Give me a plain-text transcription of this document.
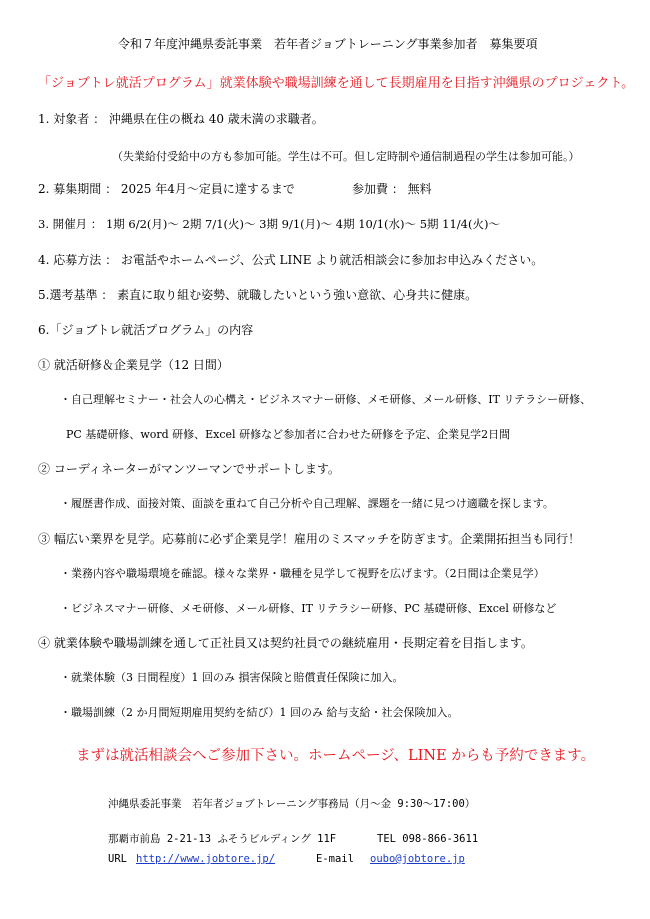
令和７年度沖縄県委託事業　若年者ジョブトレーニング事業参加者　募集要項
「ジョブトレ就活プログラム」就業体験や職場訓練を通して長期雇用を目指す沖縄県のプロジェクト。
1. 対象者 ： 沖縄県在住の概ね 40 歳未満の求職者。
（失業給付受給中の方も参加可能。学生は不可。但し定時制や通信制過程の学生は参加可能。）
2. 募集期間 ： 2025 年4月～定員に達するまで	参加費 ： 無料
3. 開催月 ： 1期 6/2(月)～ 2期 7/1(火)～ 3期 9/1(月)～ 4期 10/1(水)～ 5期 11/4(火)～
4. 応募方法 ： お電話やホームページ、公式 LINE より就活相談会に参加お申込みください。
5.選考基準 ： 素直に取り組む姿勢、就職したいという強い意欲、心身共に健康。
6.「ジョブトレ就活プログラム」の内容
① 就活研修＆企業見学（12 日間）
・自己理解セミナー・社会人の心構え・ビジネスマナー研修、メモ研修、メール研修、IT リテラシー研修、
PC 基礎研修、word 研修、Excel 研修など参加者に合わせた研修を予定、企業見学2日間
② コーディネーターがマンツーマンでサポートします。
・履歴書作成、面接対策、面談を重ねて自己分析や自己理解、課題を一緒に見つけ適職を探します。
③ 幅広い業界を見学。応募前に必ず企業見学！雇用のミスマッチを防ぎます。企業開拓担当も同行！
・業務内容や職場環境を確認。様々な業界・職種を見学して視野を広げます。（2日間は企業見学）
・ビジネスマナー研修、メモ研修、メール研修、IT リテラシー研修、PC 基礎研修、Excel 研修など
④ 就業体験や職場訓練を通して正社員又は契約社員での継続雇用・長期定着を目指します。
・就業体験（3 日間程度）1 回のみ 損害保険と賠償責任保険に加入。
・職場訓練（2 か月間短期雇用契約を結び）1 回のみ 給与支給・社会保険加入。
まずは就活相談会へご参加下さい。ホームページ、LINE からも予約できます。
沖縄県委託事業　若年者ジョブトレーニング事務局（月～金 9:30～17:00）
那覇市前島 2-21-13 ふそうビルディング 11F	TEL 098-866-3611
URL http://www.jobtore.jp/	E-mail oubo@jobtore.jp
